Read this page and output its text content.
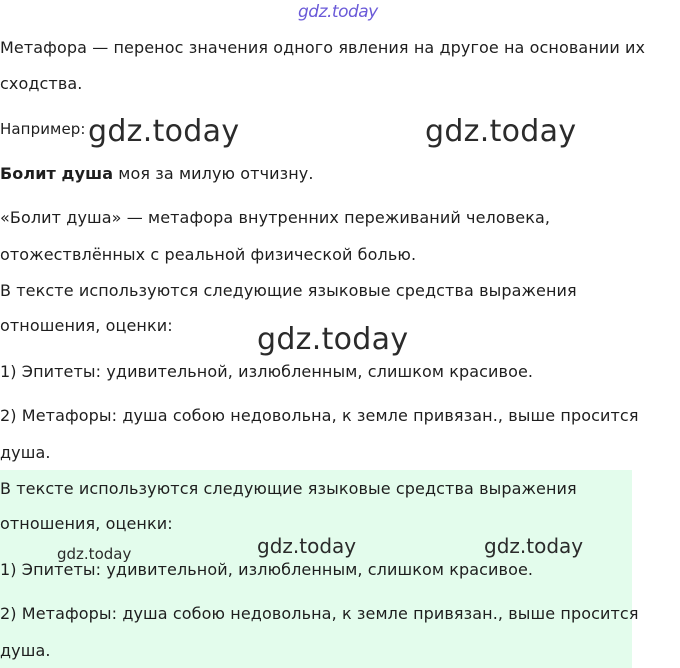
gdz.today
Метафора — перенос значения одного явления на другое на основании их
сходства.
Например: gdz.today	gdz.today
Болит душа моя за милую отчизну.
«Болит душа» — метафора внутренних переживаний человека,
отожествлённых с реальной физической болью.
В тексте используются следующие языковые средства выражения
отношения, оценки:	gdz.today
1) Эпитеты: удивительной, излюбленным, слишком красивое.
2) Метафоры: душа собою недовольна, к земле привязан., выше просится
душа.
В тексте используются следующие языковые средства выражения
отношения, оценки:
gdz.today	gdz.today	gdz.today
1) Эпитеты: удивительной, излюбленным, слишком красивое.
2) Метафоры: душа собою недовольна, к земле привязан., выше просится
душа.
